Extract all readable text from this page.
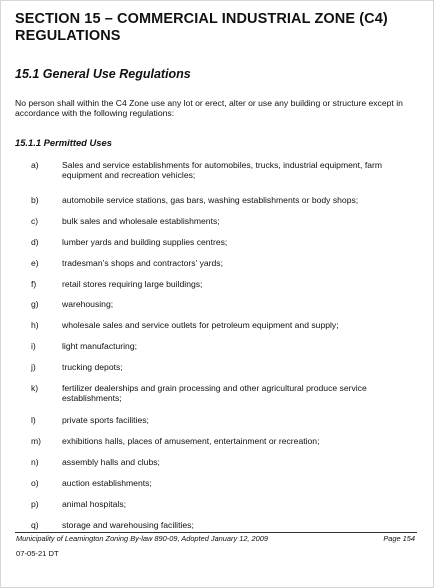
SECTION 15 – COMMERCIAL INDUSTRIAL ZONE (C4) REGULATIONS
15.1 General Use Regulations

No person shall within the C4 Zone use any lot or erect, alter or use any building or structure except in accordance with the following regulations:

15.1.1 Permitted Uses
a)	Sales and service establishments for automobiles, trucks, industrial equipment, farm equipment and recreation vehicles;
b)	automobile service stations, gas bars, washing establishments or body shops;
c)	bulk sales and wholesale establishments;
d)	lumber yards and building supplies centres;
e)	tradesman’s shops and contractors’ yards;
f)	retail stores requiring large buildings;
g)	warehousing;
h)	wholesale sales and service outlets for petroleum equipment and supply;
i)	light manufacturing;
j)	trucking depots;
k)	fertilizer dealerships and grain processing and other agricultural produce service establishments;
l)	private sports facilities;
m) exhibitions halls, places of amusement, entertainment or recreation;
n)	assembly halls and clubs;
o)	auction establishments;
p)	animal hospitals;
q)	storage and warehousing facilities;

Municipality of Leamington Zoning By-law 890-09, Adopted January 12, 2009	Page 154

07-05-21 DT
